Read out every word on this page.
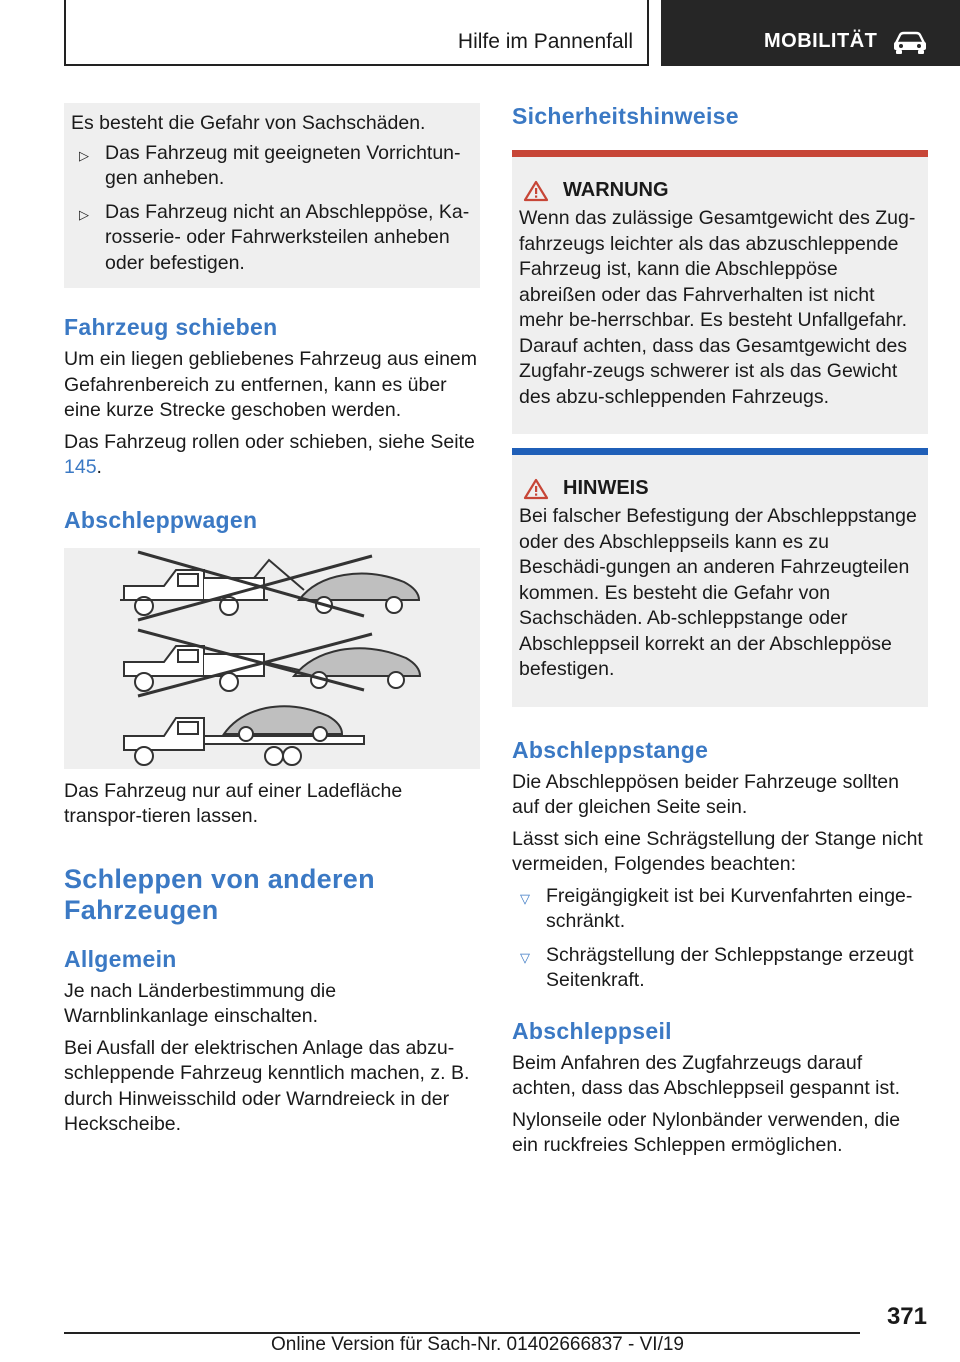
Hilfe im Pannenfall	MOBILITÄT
Es besteht die Gefahr von Sachschäden.
▷ Das Fahrzeug mit geeigneten Vorrichtun‐gen anheben.
▷ Das Fahrzeug nicht an Abschleppöse, Ka‐rosserie- oder Fahrwerksteilen anheben oder befestigen.
Fahrzeug schieben
Um ein liegen gebliebenes Fahrzeug aus einem Gefahrenbereich zu entfernen, kann es über eine kurze Strecke geschoben werden.
Das Fahrzeug rollen oder schieben, siehe Seite 145.
Abschleppwagen
Das Fahrzeug nur auf einer Ladefläche transpor‐tieren lassen.
Schleppen von anderen Fahrzeugen
Allgemein
Je nach Länderbestimmung die Warnblinkanlage einschalten.
Bei Ausfall der elektrischen Anlage das abzu‐schleppende Fahrzeug kenntlich machen, z. B. durch Hinweisschild oder Warndreieck in der Heckscheibe.
Sicherheitshinweise
WARNUNG
Wenn das zulässige Gesamtgewicht des Zug‐fahrzeugs leichter als das abzuschleppende Fahrzeug ist, kann die Abschleppöse abreißen oder das Fahrverhalten ist nicht mehr be‐herrschbar. Es besteht Unfallgefahr. Darauf achten, dass das Gesamtgewicht des Zugfahr‐zeugs schwerer ist als das Gewicht des abzu‐schleppenden Fahrzeugs.
HINWEIS
Bei falscher Befestigung der Abschleppstange oder des Abschleppseils kann es zu Beschädi‐gungen an anderen Fahrzeugteilen kommen. Es besteht die Gefahr von Sachschäden. Ab‐schleppstange oder Abschleppseil korrekt an der Abschleppöse befestigen.
Abschleppstange
Die Abschleppösen beider Fahrzeuge sollten auf der gleichen Seite sein.
Lässt sich eine Schrägstellung der Stange nicht vermeiden, Folgendes beachten:
▽ Freigängigkeit ist bei Kurvenfahrten einge‐schränkt.
▽ Schrägstellung der Schleppstange erzeugt Seitenkraft.
Abschleppseil
Beim Anfahren des Zugfahrzeugs darauf achten, dass das Abschleppseil gespannt ist.
Nylonseile oder Nylonbänder verwenden, die ein ruckfreies Schleppen ermöglichen.
371
Online Version für Sach-Nr. 01402666837 - VI/19
